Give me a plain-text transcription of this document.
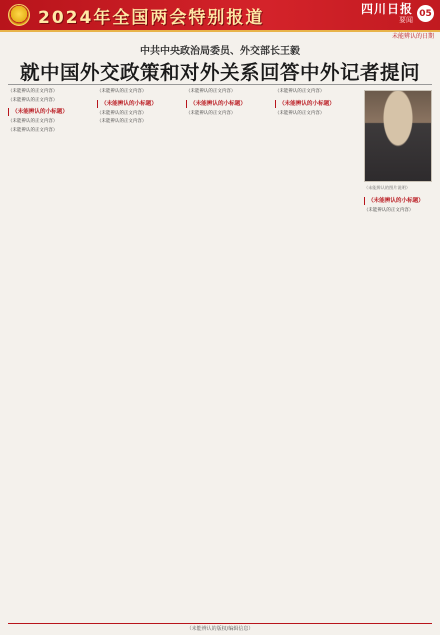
2024年全国两会特别报道	四川日报
要闻
05
未能辨认的日期
中共中央政治局委员、外交部长王毅
就中国外交政策和对外关系回答中外记者提问
（未能辨认的正文内容）
（未能辨认的正文内容）
（未能辨认的小标题）
（未能辨认的正文内容）
（未能辨认的正文内容）
（未能辨认的正文内容）
（未能辨认的小标题）
（未能辨认的正文内容）
（未能辨认的正文内容）
（未能辨认的正文内容）
（未能辨认的小标题）
（未能辨认的正文内容）
（未能辨认的正文内容）
（未能辨认的小标题）
（未能辨认的正文内容）
（未能辨认的图片说明）
（未能辨认的小标题）
（未能辨认的正文内容）
（未能辨认的版权/编辑信息）
